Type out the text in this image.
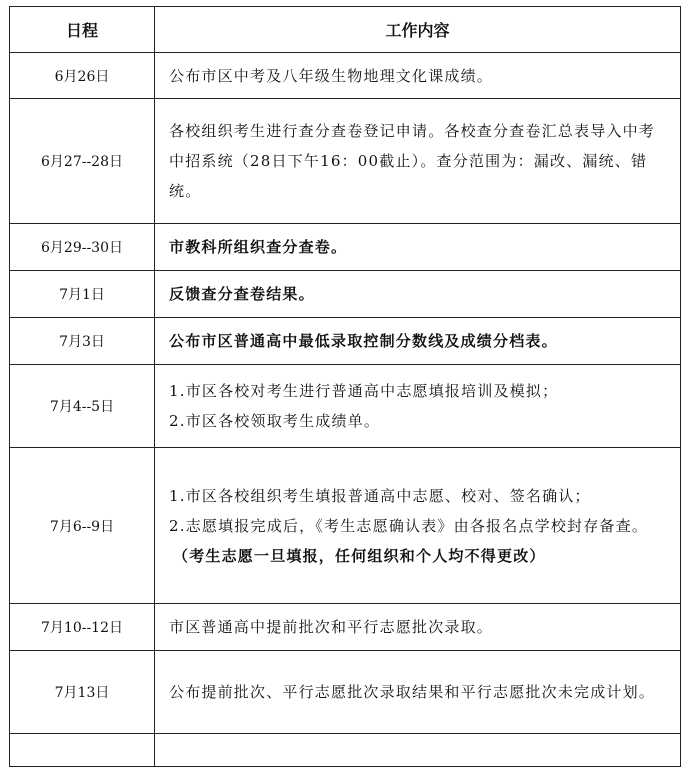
日程	工作内容
6月26日	公布市区中考及八年级生物地理文化课成绩。

6月27--28日	各校组织考生进行查分查卷登记申请。各校查分查卷汇总表导入中考中招系统（28日下午16：00截止）。查分范围为：漏改、漏统、错统。

6月29--30日	市教科所组织查分查卷。

7月1日	反馈查分查卷结果。

7月3日	公布市区普通高中最低录取控制分数线及成绩分档表。

7月4--5日	1.市区各校对考生进行普通高中志愿填报培训及模拟；
2.市区各校领取考生成绩单。

7月6--9日	1.市区各校组织考生填报普通高中志愿、校对、签名确认；
2.志愿填报完成后，《考生志愿确认表》由各报名点学校封存备查。
（考生志愿一旦填报，任何组织和个人均不得更改）

7月10--12日	市区普通高中提前批次和平行志愿批次录取。

7月13日	公布提前批次、平行志愿批次录取结果和平行志愿批次未完成计划。
